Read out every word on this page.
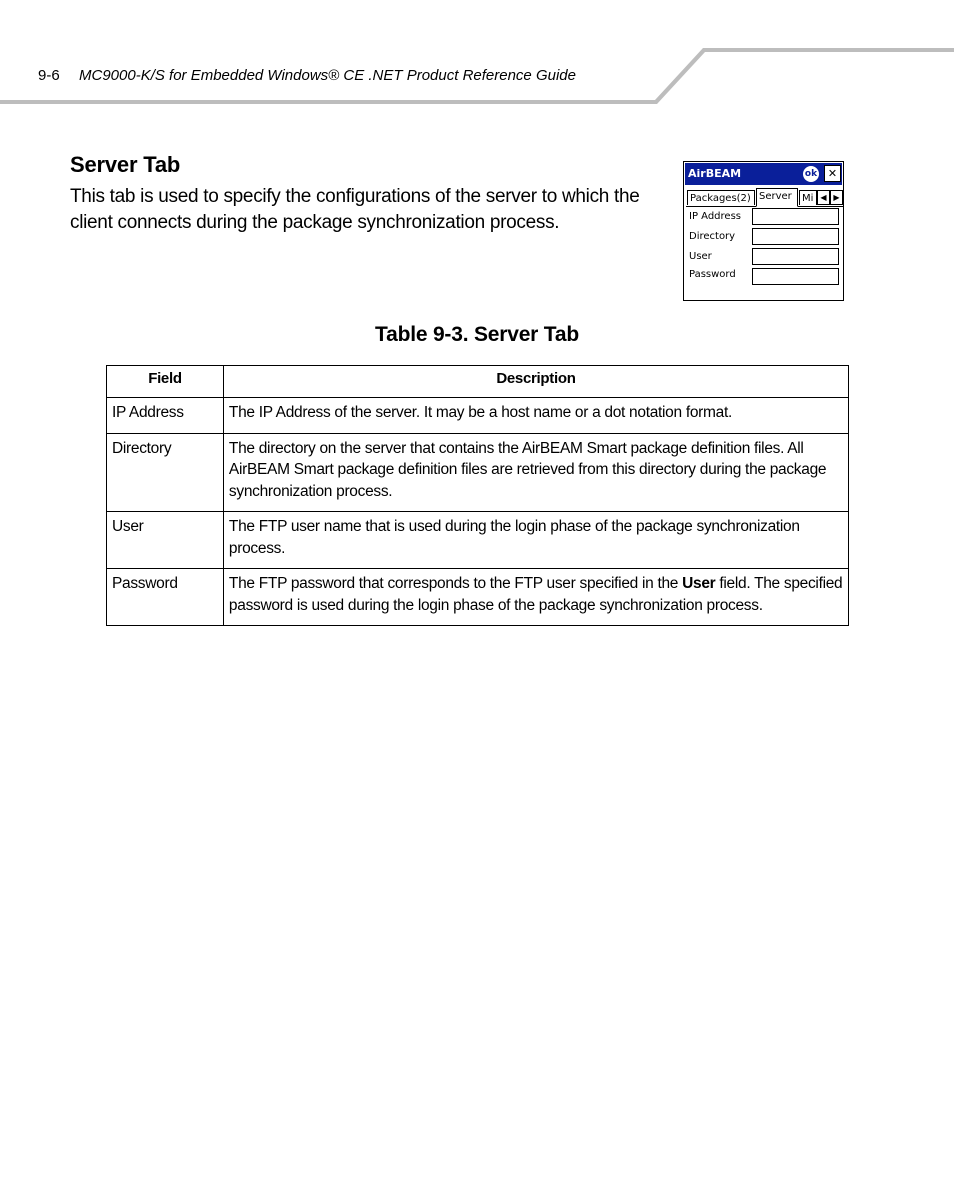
9-6 MC9000-K/S for Embedded Windows® CE .NET Product Reference Guide
Server Tab
This tab is used to specify the configurations of the server to which the client connects during the package synchronization process.
AirBEAM	ok ✕
Packages(2) Server	Mi ◀ ▶
IP Address
Directory
User
Password
Table 9-3. Server Tab
Field	Description
IP Address	The IP Address of the server. It may be a host name or a dot notation format.
Directory	The directory on the server that contains the AirBEAM Smart package definition files. All AirBEAM Smart package definition files are retrieved from this directory during the package synchronization process.
User	The FTP user name that is used during the login phase of the package synchronization process.
Password	The FTP password that corresponds to the FTP user specified in the User field. The specified password is used during the login phase of the package synchronization process.
